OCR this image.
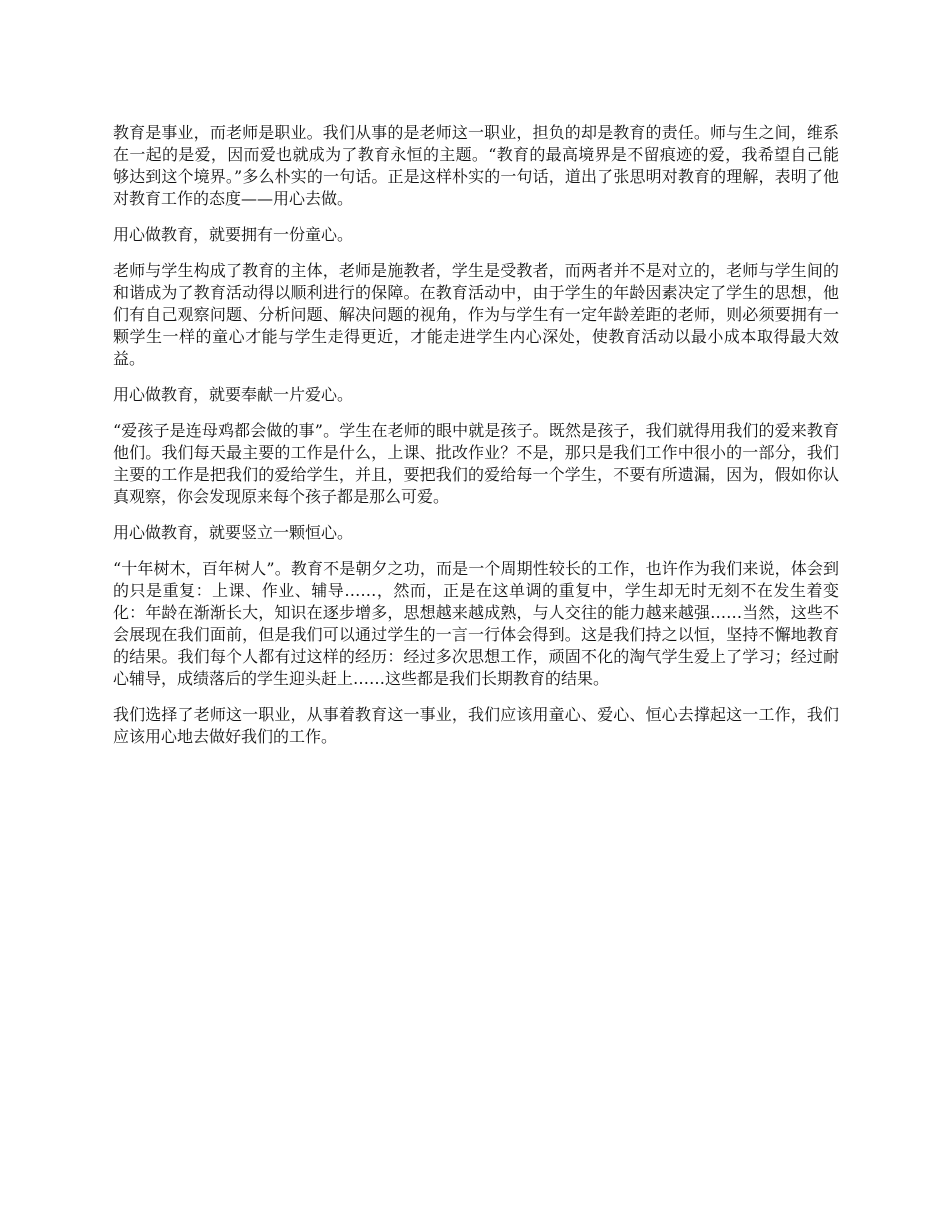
教育是事业，而老师是职业。我们从事的是老师这一职业，担负的却是教育的责任。师与生之间，维系在一起的是爱，因而爱也就成为了教育永恒的主题。“教育的最高境界是不留痕迹的爱，我希望自己能够达到这个境界。”多么朴实的一句话。正是这样朴实的一句话，道出了张思明对教育的理解，表明了他对教育工作的态度——用心去做。

用心做教育，就要拥有一份童心。

老师与学生构成了教育的主体，老师是施教者，学生是受教者，而两者并不是对立的，老师与学生间的和谐成为了教育活动得以顺利进行的保障。在教育活动中，由于学生的年龄因素决定了学生的思想，他们有自己观察问题、分析问题、解决问题的视角，作为与学生有一定年龄差距的老师，则必须要拥有一颗学生一样的童心才能与学生走得更近，才能走进学生内心深处，使教育活动以最小成本取得最大效益。

用心做教育，就要奉献一片爱心。

“爱孩子是连母鸡都会做的事”。学生在老师的眼中就是孩子。既然是孩子，我们就得用我们的爱来教育他们。我们每天最主要的工作是什么，上课、批改作业？不是，那只是我们工作中很小的一部分，我们主要的工作是把我们的爱给学生，并且，要把我们的爱给每一个学生，不要有所遗漏，因为，假如你认真观察，你会发现原来每个孩子都是那么可爱。

用心做教育，就要竖立一颗恒心。

“十年树木，百年树人”。教育不是朝夕之功，而是一个周期性较长的工作，也许作为我们来说，体会到的只是重复：上课、作业、辅导……，然而，正是在这单调的重复中，学生却无时无刻不在发生着变化：年龄在渐渐长大，知识在逐步增多，思想越来越成熟，与人交往的能力越来越强……当然，这些不会展现在我们面前，但是我们可以通过学生的一言一行体会得到。这是我们持之以恒，坚持不懈地教育的结果。我们每个人都有过这样的经历：经过多次思想工作，顽固不化的淘气学生爱上了学习；经过耐心辅导，成绩落后的学生迎头赶上……这些都是我们长期教育的结果。

我们选择了老师这一职业，从事着教育这一事业，我们应该用童心、爱心、恒心去撑起这一工作，我们应该用心地去做好我们的工作。
